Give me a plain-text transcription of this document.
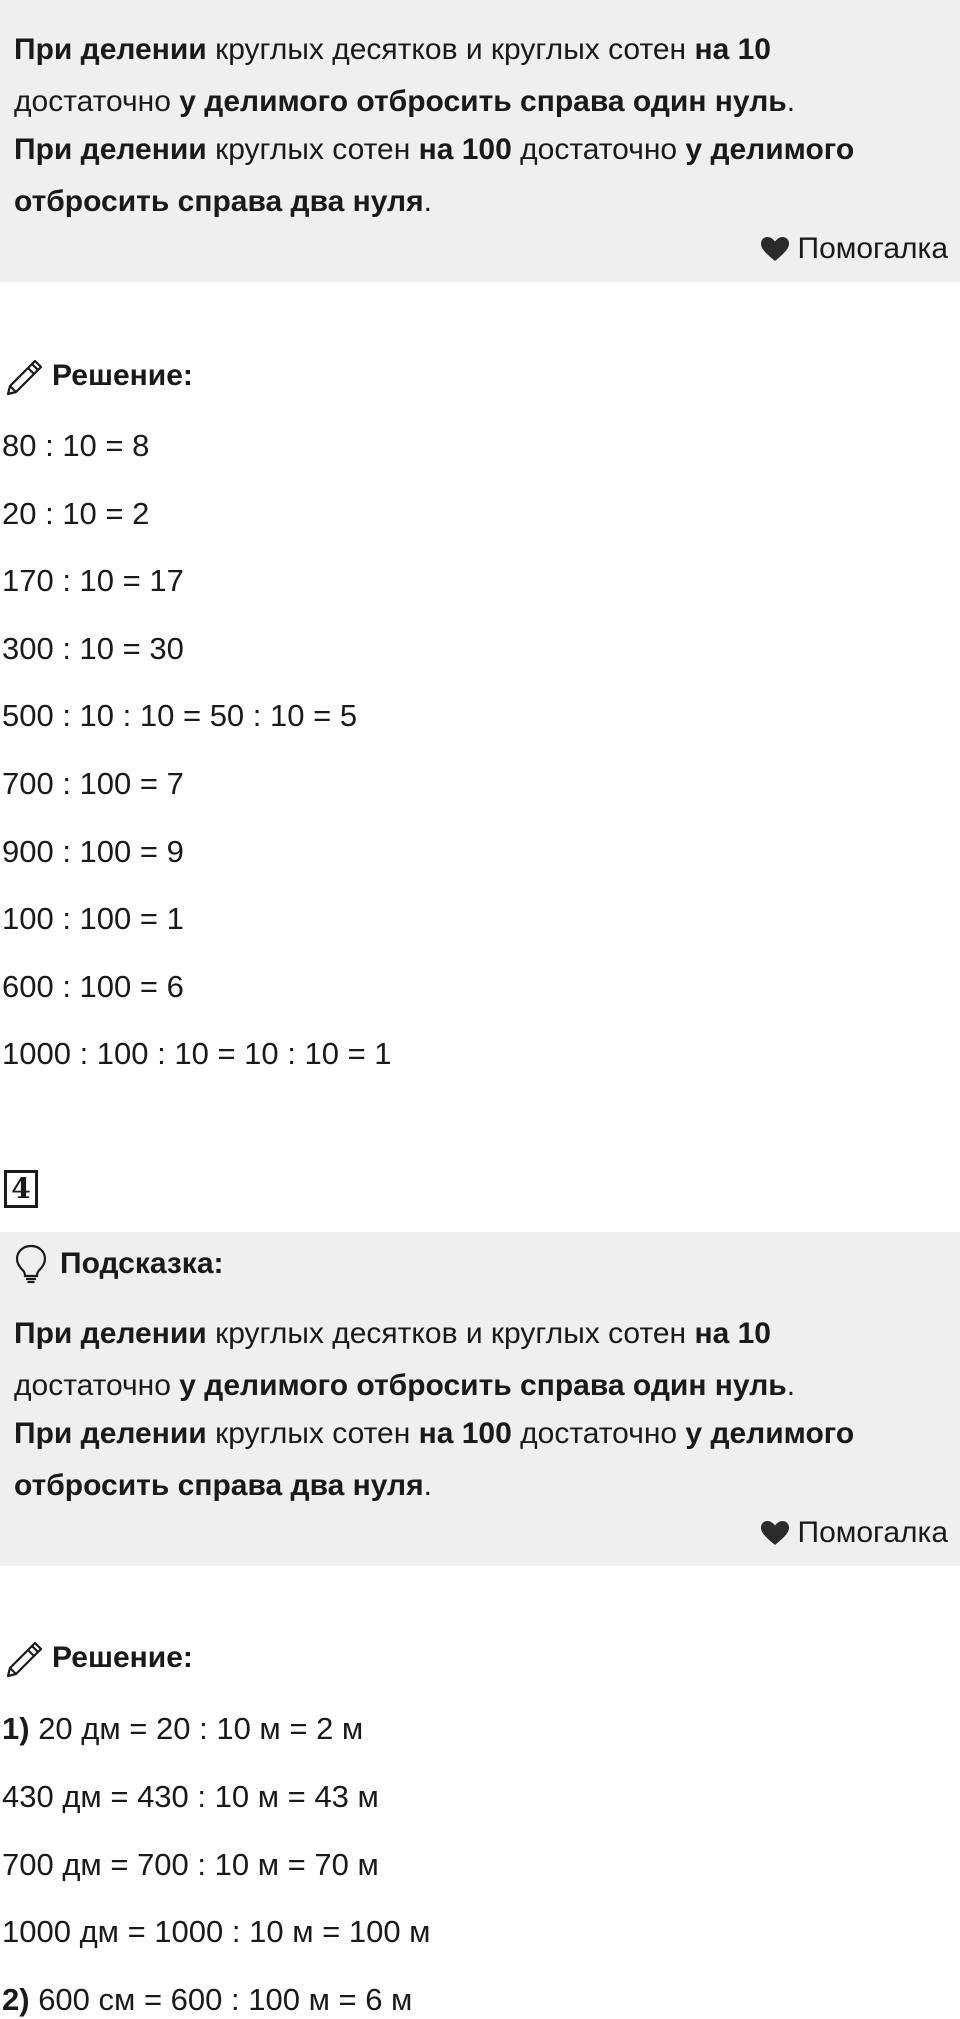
При делении круглых десятков и круглых сотен на 10
достаточно у делимого отбросить справа один нуль.
При делении круглых сотен на 100 достаточно у делимого отбросить справа два нуля.
Помогалка
Решение:
80 : 10 = 8
20 : 10 = 2
170 : 10 = 17
300 : 10 = 30
500 : 10 : 10 = 50 : 10 = 5
700 : 100 = 7
900 : 100 = 9
100 : 100 = 1
600 : 100 = 6
1000 : 100 : 10 = 10 : 10 = 1
4
Подсказка:
При делении круглых десятков и круглых сотен на 10
достаточно у делимого отбросить справа один нуль.
При делении круглых сотен на 100 достаточно у делимого отбросить справа два нуля.
Помогалка
Решение:
1) 20 дм = 20 : 10 м = 2 м
430 дм = 430 : 10 м = 43 м
700 дм = 700 : 10 м = 70 м
1000 дм = 1000 : 10 м = 100 м
2) 600 см = 600 : 100 м = 6 м
